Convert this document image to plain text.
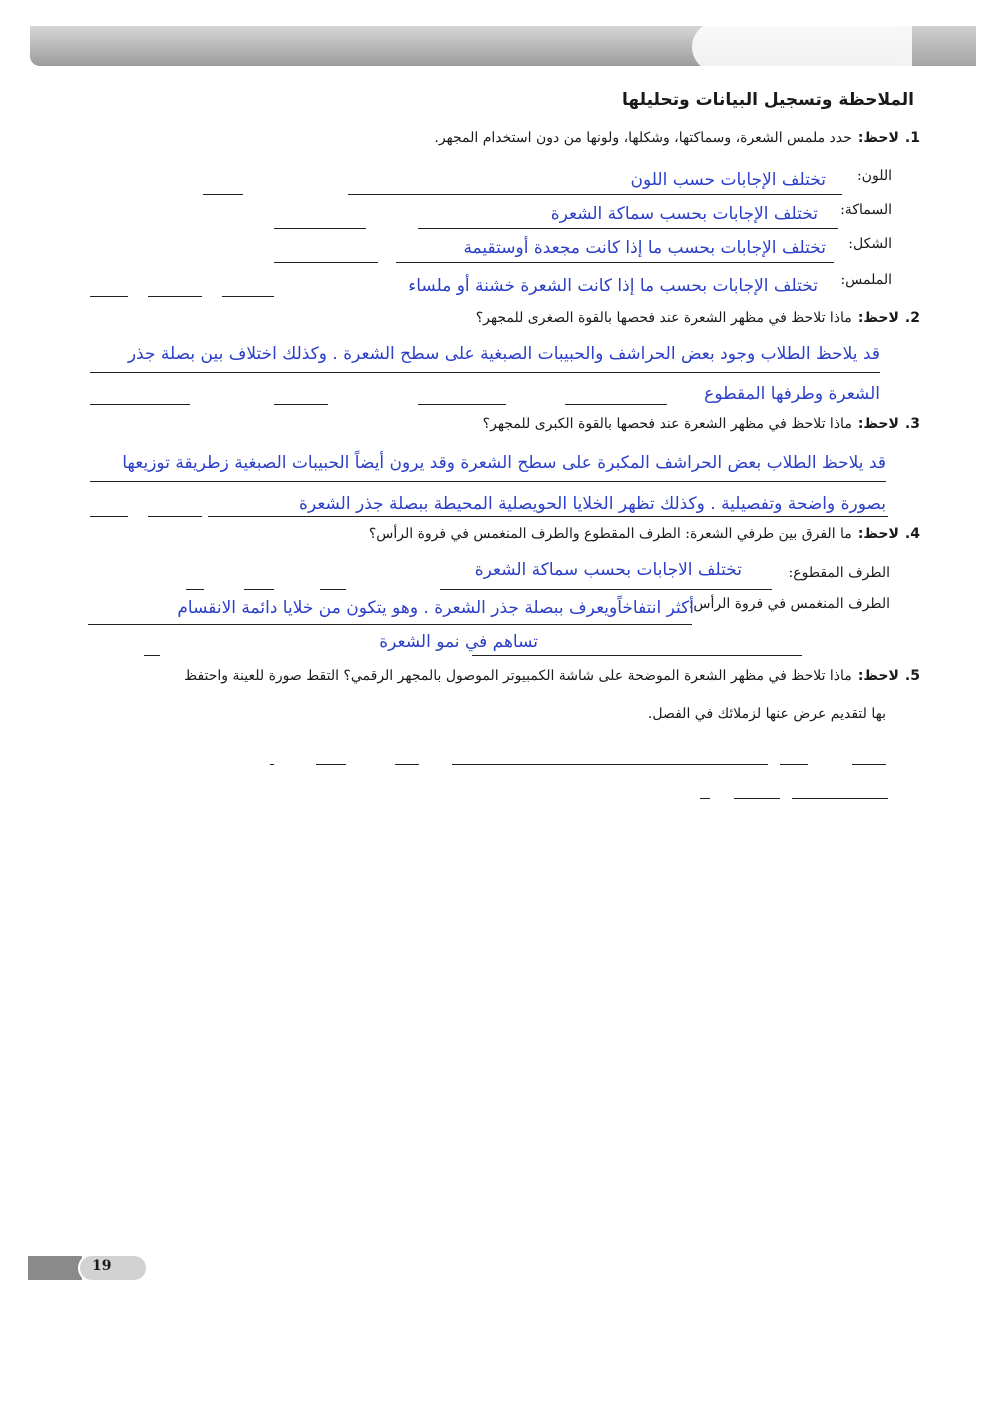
الملاحظة وتسجيل البيانات وتحليلها
1.لاحظ:حدد ملمس الشعرة، وسماكتها، وشكلها، ولونها من دون استخدام المجهر.
اللون:
تختلف الإجابات حسب اللون
السماكة:
تختلف الإجابات بحسب سماكة الشعرة
الشكل:
تختلف الإجابات بحسب ما إذا كانت مجعدة أوستقيمة
الملمس:
تختلف الإجابات بحسب ما إذا كانت الشعرة خشنة أو ملساء
2.لاحظ:ماذا تلاحظ في مظهر الشعرة عند فحصها بالقوة الصغرى للمجهر؟
قد يلاحظ الطلاب وجود بعض الحراشف والحبيبات الصبغية على سطح الشعرة . وكذلك اختلاف بين بصلة جذر
الشعرة وطرفها المقطوع
3.لاحظ:ماذا تلاحظ في مظهر الشعرة عند فحصها بالقوة الكبرى للمجهر؟
قد يلاحظ الطلاب بعض الحراشف المكبرة على سطح الشعرة وقد يرون أيضاً الحبيبات الصبغية زطريقة توزيعها
بصورة واضحة وتفصيلية . وكذلك تظهر الخلايا الحويصلية المحيطة ببصلة جذر الشعرة
4.لاحظ:ما الفرق بين طرفي الشعرة: الطرف المقطوع والطرف المنغمس في فروة الرأس؟
الطرف المقطوع:
تختلف الاجابات بحسب سماكة الشعرة
الطرف المنغمس في فروة الرأس:
أكثر انتفاخاًويعرف ببصلة جذر الشعرة . وهو يتكون من خلايا دائمة الانقسام
تساهم في نمو الشعرة
5.لاحظ:ماذا تلاحظ في مظهر الشعرة الموضحة على شاشة الكمبيوتر الموصول بالمجهر الرقمي؟ التقط صورة للعينة واحتفظ
بها لتقديم عرض عنها لزملائك في الفصل.
19
